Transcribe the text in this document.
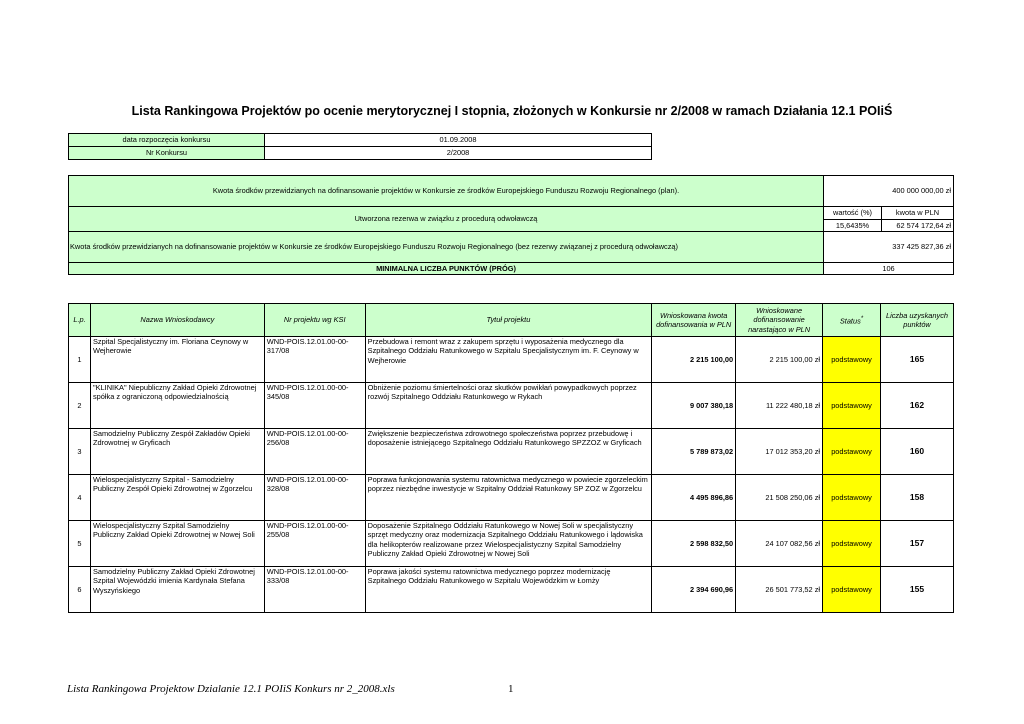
Lista Rankingowa Projektów po ocenie merytorycznej I stopnia, złożonych w Konkursie nr 2/2008 w ramach Działania 12.1 POIiŚ
data rozpoczęcia konkursu	01.09.2008
Nr Konkursu	2/2008
Kwota środków przewidzianych na dofinansowanie projektów w Konkursie ze środków Europejskiego Funduszu Rozwoju Regionalnego (plan).	400 000 000,00 zł	
Utworzona rezerwa w związku z procedurą odwoławczą	wartość (%)	kwota w PLN
	15,6435%	62 574 172,64 zł
Kwota środków przewidzianych na dofinansowanie projektów w Konkursie ze środków Europejskiego Funduszu Rozwoju Regionalnego (bez rezerwy związanej z procedurą odwoławczą)	337 425 827,36 zł	
MINIMALNA LICZBA PUNKTÓW (PRÓG)	106	
L.p.	Nazwa Wnioskodawcy	Nr projektu wg KSI	Tytuł projektu	Wnioskowana kwota dofinansowania w PLN	Wnioskowane dofinansowanie narastająco w PLN	Status*	Liczba uzyskanych punktów
1	Szpital Specjalistyczny im. Floriana Ceynowy w Wejherowie	WND-POIS.12.01.00-00-317/08	Przebudowa i remont wraz z zakupem sprzętu i wyposażenia medycznego dla Szpitalnego Oddziału Ratunkowego w Szpitalu Specjalistycznym im. F. Ceynowy w Wejherowie	2 215 100,00	2 215 100,00 zł	podstawowy	165
2	"KLINIKA" Niepubliczny Zakład Opieki Zdrowotnej spółka z ograniczoną odpowiedzialnością	WND-POIS.12.01.00-00-345/08	Obniżenie poziomu śmiertelności oraz skutków powikłań powypadkowych poprzez rozwój Szpitalnego Oddziału Ratunkowego w Rykach	9 007 380,18	11 222 480,18 zł	podstawowy	162
3	Samodzielny Publiczny Zespół Zakładów Opieki Zdrowotnej w Gryficach	WND-POIS.12.01.00-00-256/08	Zwiększenie bezpieczeństwa zdrowotnego społeczeństwa poprzez przebudowę i doposażenie istniejącego Szpitalnego Oddziału Ratunkowego SPZZOZ w Gryficach	5 789 873,02	17 012 353,20 zł	podstawowy	160
4	Wielospecjalistyczny Szpital - Samodzielny Publiczny Zespół Opieki Zdrowotnej w Zgorzelcu	WND-POIS.12.01.00-00-328/08	Poprawa funkcjonowania systemu ratownictwa medycznego w powiecie zgorzeleckim poprzez niezbędne inwestycje w Szpitalny Oddział Ratunkowy SP ZOZ w Zgorzelcu	4 495 896,86	21 508 250,06 zł	podstawowy	158
5	Wielospecjalistyczny Szpital Samodzielny Publiczny Zakład Opieki Zdrowotnej w Nowej Soli	WND-POIS.12.01.00-00-255/08	Doposażenie Szpitalnego Oddziału Ratunkowego w Nowej Soli w specjalistyczny sprzęt medyczny oraz modernizacja Szpitalnego Oddziału Ratunkowego i lądowiska dla helikopterów realizowane przez Wielospecjalistyczny Szpital Samodzielny Publiczny Zakład Opieki Zdrowotnej w Nowej Soli	2 598 832,50	24 107 082,56 zł	podstawowy	157
6	Samodzielny Publiczny Zakład Opieki Zdrowotnej Szpital Wojewódzki imienia Kardynała Stefana Wyszyńskiego	WND-POIS.12.01.00-00-333/08	Poprawa jakości systemu ratownictwa medycznego poprzez modernizację Szpitalnego Oddziału Ratunkowego w Szpitalu Wojewódzkim w Łomży	2 394 690,96	26 501 773,52 zł	podstawowy	155
Lista Rankingowa Projektow Dzialanie 12.1 POIiS Konkurs nr 2_2008.xls	1
